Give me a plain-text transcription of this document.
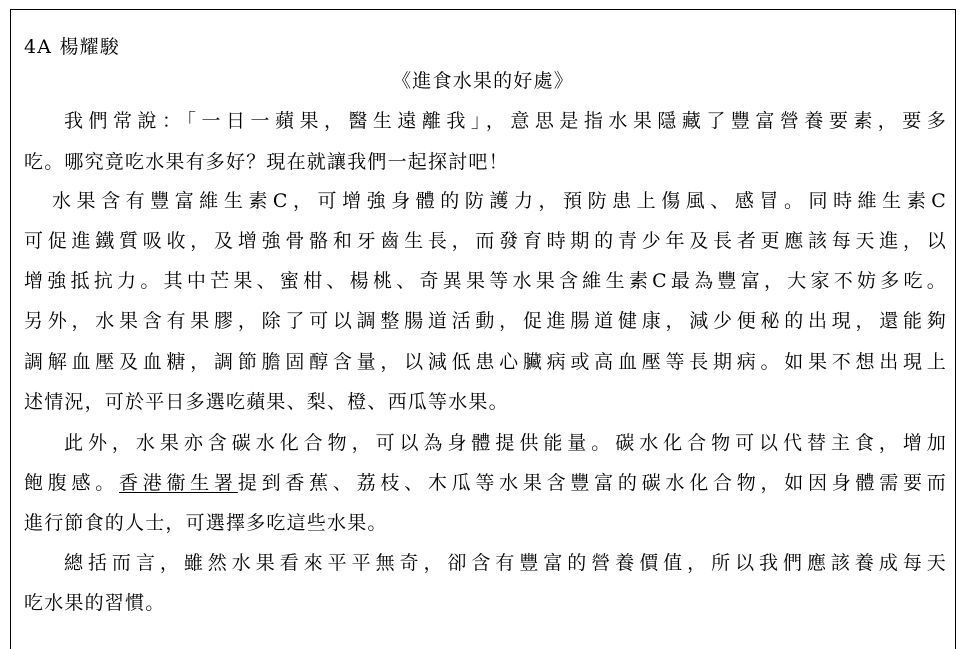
4A 楊耀駿
《進食水果的好處》
我們常說：「一日一蘋果，醫生遠離我」，意思是指水果隱藏了豐富營養要素，要多
吃。哪究竟吃水果有多好？現在就讓我們一起探討吧！
水果含有豐富維生素C，可增強身體的防護力，預防患上傷風、感冒。同時維生素C
可促進鐵質吸收，及增強骨骼和牙齒生長，而發育時期的青少年及長者更應該每天進，以
增強抵抗力。其中芒果、蜜柑、楊桃、奇異果等水果含維生素C最為豐富，大家不妨多吃。
另外，水果含有果膠，除了可以調整腸道活動，促進腸道健康，減少便秘的出現，還能夠
調解血壓及血糖，調節膽固醇含量，以減低患心臟病或高血壓等長期病。如果不想出現上
述情況，可於平日多選吃蘋果、梨、橙、西瓜等水果。
此外，水果亦含碳水化合物，可以為身體提供能量。碳水化合物可以代替主食，增加
飽腹感。香港衞生署提到香蕉、荔枝、木瓜等水果含豐富的碳水化合物，如因身體需要而
進行節食的人士，可選擇多吃這些水果。
總括而言，雖然水果看來平平無奇，卻含有豐富的營養價值，所以我們應該養成每天
吃水果的習慣。
